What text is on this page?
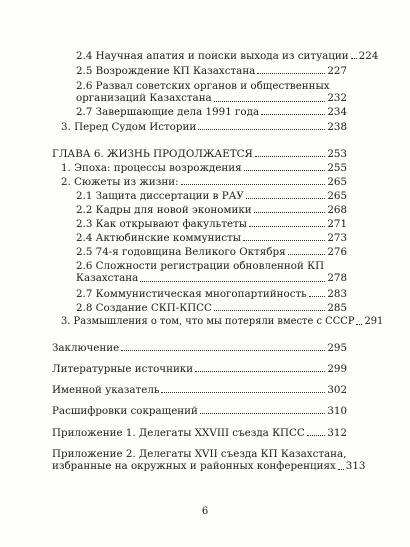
2.4 Научная апатия и поиски выхода из ситуации 224
2.5 Возрождение КП Казахстана	227
2.6 Развал советских органов и общественных
организаций Казахстана	232
2.7 Завершающие дела 1991 года	234
3. Перед Судом Истории	238
ГЛАВА 6. ЖИЗНЬ ПРОДОЛЖАЕТСЯ	253
1. Эпоха: процессы возрождения	255
2. Сюжеты из жизни:	265
2.1 Защита диссертации в РАУ	265
2.2 Кадры для новой экономики	268
2.3 Как открывают факультеты	271
2.4 Актюбинские коммунисты	273
2.5 74-я годовщина Великого Октября	276
2.6 Сложности регистрации обновленной КП
Казахстана	278
2.7 Коммунистическая многопартийность 283
2.8 Создание СКП-КПСС	285
3. Размышления о том, что мы потеряли вместе с СССР 291
Заключение	295
Литературные источники	299
Именной указатель	302
Расшифровки сокращений	310
Приложение 1. Делегаты XXVIII съезда КПСС 312
Приложение 2. Делегаты XVII съезда КП Казахстана,
избранные на окружных и районных конференциях 313
6
